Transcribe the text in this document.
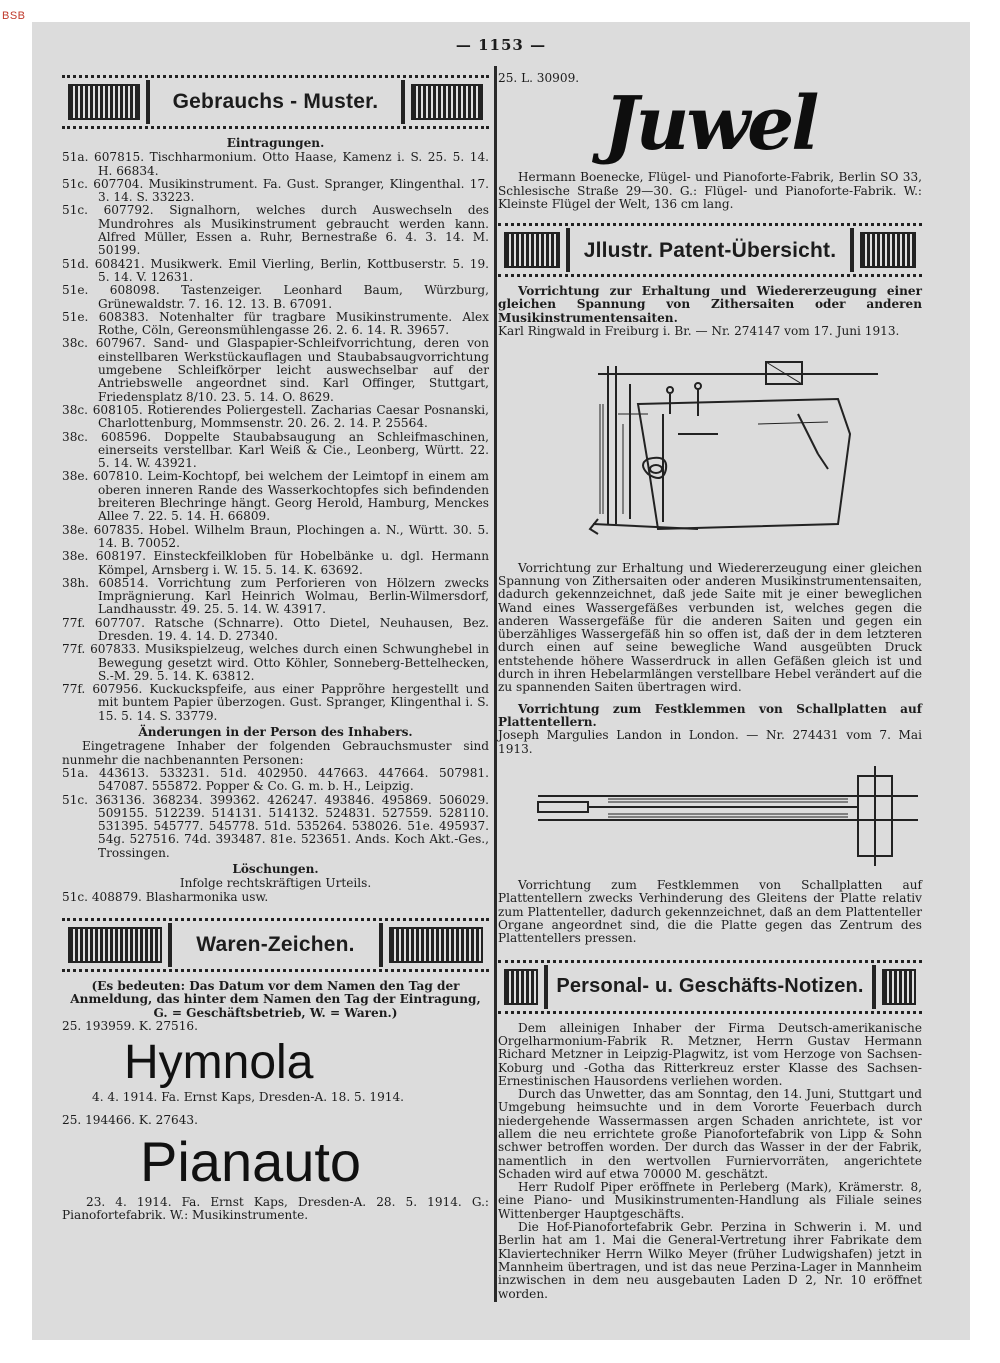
BSB
— 1153 —
Gebrauchs - Muster.
Eintragungen.

51a. 607815. Tischharmonium. Otto Haase, Kamenz i. S. 25. 5. 14. H. 66834.

51c. 607704. Musikinstrument. Fa. Gust. Spranger, Klingenthal. 17. 3. 14. S. 33223.

51c. 607792. Signalhorn, welches durch Auswechseln des Mundrohres als Musikinstrument gebraucht werden kann. Alfred Müller, Essen a. Ruhr, Bernestraße 6. 4. 3. 14. M. 50199.

51d. 608421. Musikwerk. Emil Vierling, Berlin, Kottbuserstr. 5. 19. 5. 14. V. 12631.

51e. 608098. Tastenzeiger. Leonhard Baum, Würzburg, Grünewaldstr. 7. 16. 12. 13. B. 67091.

51e. 608383. Notenhalter für tragbare Musikinstrumente. Alex Rothe, Cöln, Gereonsmühlengasse 26. 2. 6. 14. R. 39657.

38c. 607967. Sand- und Glaspapier-Schleifvorrichtung, deren von einstellbaren Werkstückauflagen und Staubabsaugvorrichtung umgebene Schleifkörper leicht auswechselbar auf der Antriebswelle angeordnet sind. Karl Offinger, Stuttgart, Friedensplatz 8/10. 23. 5. 14. O. 8629.

38c. 608105. Rotierendes Poliergestell. Zacharias Caesar Posnanski, Charlottenburg, Mommsenstr. 20. 26. 2. 14. P. 25564.

38c. 608596. Doppelte Staubabsaugung an Schleifmaschinen, einerseits verstellbar. Karl Weiß & Cie., Leonberg, Württ. 22. 5. 14. W. 43921.

38e. 607810. Leim-Kochtopf, bei welchem der Leimtopf in einem am oberen inneren Rande des Wasserkochtopfes sich befindenden breiteren Blechringe hängt. Georg Herold, Hamburg, Menckes Allee 7. 22. 5. 14. H. 66809.

38e. 607835. Hobel. Wilhelm Braun, Plochingen a. N., Württ. 30. 5. 14. B. 70052.

38e. 608197. Einsteckfeilkloben für Hobelbänke u. dgl. Hermann Kömpel, Arnsberg i. W. 15. 5. 14. K. 63692.

38h. 608514. Vorrichtung zum Perforieren von Hölzern zwecks Imprägnierung. Karl Heinrich Wolmau, Berlin-Wilmersdorf, Landhausstr. 49. 25. 5. 14. W. 43917.

77f. 607707. Ratsche (Schnarre). Otto Dietel, Neuhausen, Bez. Dresden. 19. 4. 14. D. 27340.

77f. 607833. Musikspielzeug, welches durch einen Schwunghebel in Bewegung gesetzt wird. Otto Köhler, Sonneberg-Bettelhecken, S.-M. 29. 5. 14. K. 63812.

77f. 607956. Kuckuckspfeife, aus einer Papprõhre hergestellt und mit buntem Papier überzogen. Gust. Spranger, Klingenthal i. S. 15. 5. 14. S. 33779.

Änderungen in der Person des Inhabers.

Eingetragene Inhaber der folgenden Gebrauchsmuster sind nunmehr die nachbenannten Personen:

51a. 443613. 533231. 51d. 402950. 447663. 447664. 507981. 547087. 555872. Popper & Co. G. m. b. H., Leipzig.

51c. 363136. 368234. 399362. 426247. 493846. 495869. 506029. 509155. 512239. 514131. 514132. 524831. 527559. 528110. 531395. 545777. 545778. 51d. 535264. 538026. 51e. 495937. 54g. 527516. 74d. 393487. 81e. 523651. Ands. Koch Akt.-Ges., Trossingen.

Löschungen.

Infolge rechtskräftigen Urteils.

51c. 408879. Blasharmonika usw.

Waren-Zeichen.

(Es bedeuten: Das Datum vor dem Namen den Tag der Anmeldung, das hinter dem Namen den Tag der Eintragung, G. = Geschäftsbetrieb, W. = Waren.)

25. 193959. K. 27516.

Hymnola

4. 4. 1914. Fa. Ernst Kaps, Dresden-A. 18. 5. 1914.

25. 194466. K. 27643.

Pianauto

23. 4. 1914. Fa. Ernst Kaps, Dresden-A. 28. 5. 1914. G.: Pianofortefabrik. W.: Musikinstrumente.

25. L. 30909.

Juwel

Hermann Boenecke, Flügel- und Pianoforte-Fabrik, Berlin SO 33, Schlesische Straße 29—30. G.: Flügel- und Pianoforte-Fabrik. W.: Kleinste Flügel der Welt, 136 cm lang.

Jllustr. Patent-Übersicht.

Vorrichtung zur Erhaltung und Wiedererzeugung einer gleichen Spannung von Zithersaiten oder anderen Musikinstrumentensaiten.

Karl Ringwald in Freiburg i. Br. — Nr. 274147 vom 17. Juni 1913.

Vorrichtung zur Erhaltung und Wiedererzeugung einer gleichen Spannung von Zithersaiten oder anderen Musikinstrumentensaiten, dadurch gekennzeichnet, daß jede Saite mit je einer beweglichen Wand eines Wassergefäßes verbunden ist, welches gegen die anderen Wassergefäße für die anderen Saiten und gegen ein überzähliges Wassergefäß hin so offen ist, daß der in dem letzteren durch einen auf seine bewegliche Wand ausgeübten Druck entstehende höhere Wasserdruck in allen Gefäßen gleich ist und durch in ihren Hebelarmlängen verstellbare Hebel verändert auf die zu spannenden Saiten übertragen wird.

Vorrichtung zum Festklemmen von Schallplatten auf Plattentellern.

Joseph Margulies Landon in London. — Nr. 274431 vom 7. Mai 1913.

Vorrichtung zum Festklemmen von Schallplatten auf Plattentellern zwecks Verhinderung des Gleitens der Platte relativ zum Plattenteller, dadurch gekennzeichnet, daß an dem Plattenteller Organe angeordnet sind, die die Platte gegen das Zentrum des Plattentellers pressen.

Personal- u. Geschäfts-Notizen.

Dem alleinigen Inhaber der Firma Deutsch-amerikanische Orgelharmonium-Fabrik R. Metzner, Herrn Gustav Hermann Richard Metzner in Leipzig-Plagwitz, ist vom Herzoge von Sachsen-Koburg und -Gotha das Ritterkreuz erster Klasse des Sachsen-Ernestinischen Hausordens verliehen worden.

Durch das Unwetter, das am Sonntag, den 14. Juni, Stuttgart und Umgebung heimsuchte und in dem Vororte Feuerbach durch niedergehende Wassermassen argen Schaden anrichtete, ist vor allem die neu errichtete große Pianofortefabrik von Lipp & Sohn schwer betroffen worden. Der durch das Wasser in der der Fabrik, namentlich in den wertvollen Furniervorräten, angerichtete Schaden wird auf etwa 70000 M. geschätzt.

Herr Rudolf Piper eröffnete in Perleberg (Mark), Krämerstr. 8, eine Piano- und Musikinstrumenten-Handlung als Filiale seines Wittenberger Hauptgeschäfts.

Die Hof-Pianofortefabrik Gebr. Perzina in Schwerin i. M. und Berlin hat am 1. Mai die General-Vertretung ihrer Fabrikate dem Klaviertechniker Herrn Wilko Meyer (früher Ludwigshafen) jetzt in Mannheim übertragen, und ist das neue Perzina-Lager in Mannheim inzwischen in dem neu ausgebauten Laden D 2, Nr. 10 eröffnet worden.
